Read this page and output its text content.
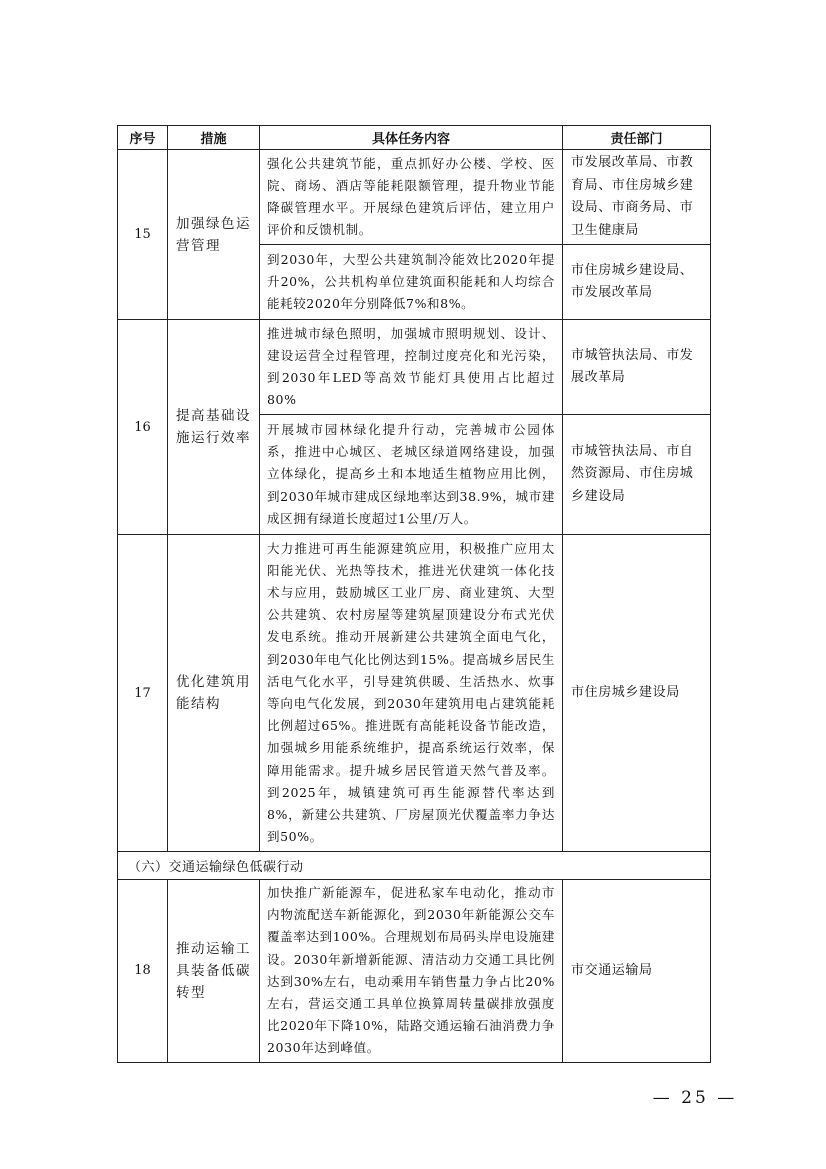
序号	措施	具体任务内容	责任部门
15	加强绿色运营管理	强化公共建筑节能，重点抓好办公楼、学校、医院、商场、酒店等能耗限额管理，提升物业节能降碳管理水平。开展绿色建筑后评估，建立用户评价和反馈机制。	市发展改革局、市教育局、市住房城乡建设局、市商务局、市卫生健康局
		到2030年，大型公共建筑制冷能效比2020年提升20%，公共机构单位建筑面积能耗和人均综合能耗较2020年分别降低7%和8%。	市住房城乡建设局、市发展改革局
16	提高基础设施运行效率	推进城市绿色照明，加强城市照明规划、设计、建设运营全过程管理，控制过度亮化和光污染，到2030年LED等高效节能灯具使用占比超过80%	市城管执法局、市发展改革局
		开展城市园林绿化提升行动，完善城市公园体系，推进中心城区、老城区绿道网络建设，加强立体绿化，提高乡土和本地适生植物应用比例，到2030年城市建成区绿地率达到38.9%，城市建成区拥有绿道长度超过1公里/万人。	市城管执法局、市自然资源局、市住房城乡建设局
17	优化建筑用能结构	大力推进可再生能源建筑应用，积极推广应用太阳能光伏、光热等技术，推进光伏建筑一体化技术与应用，鼓励城区工业厂房、商业建筑、大型公共建筑、农村房屋等建筑屋顶建设分布式光伏发电系统。推动开展新建公共建筑全面电气化，到2030年电气化比例达到15%。提高城乡居民生活电气化水平，引导建筑供暖、生活热水、炊事等向电气化发展，到2030年建筑用电占建筑能耗比例超过65%。推进既有高能耗设备节能改造，加强城乡用能系统维护，提高系统运行效率，保障用能需求。提升城乡居民管道天然气普及率。到2025年，城镇建筑可再生能源替代率达到8%，新建公共建筑、厂房屋顶光伏覆盖率力争达到50%。	市住房城乡建设局
（六）交通运输绿色低碳行动			
18	推动运输工具装备低碳转型	加快推广新能源车，促进私家车电动化，推动市内物流配送车新能源化，到2030年新能源公交车覆盖率达到100%。合理规划布局码头岸电设施建设。2030年新增新能源、清洁动力交通工具比例达到30%左右，电动乘用车销售量力争占比20%左右，营运交通工具单位换算周转量碳排放强度比2020年下降10%，陆路交通运输石油消费力争2030年达到峰值。	市交通运输局
— 25 —
